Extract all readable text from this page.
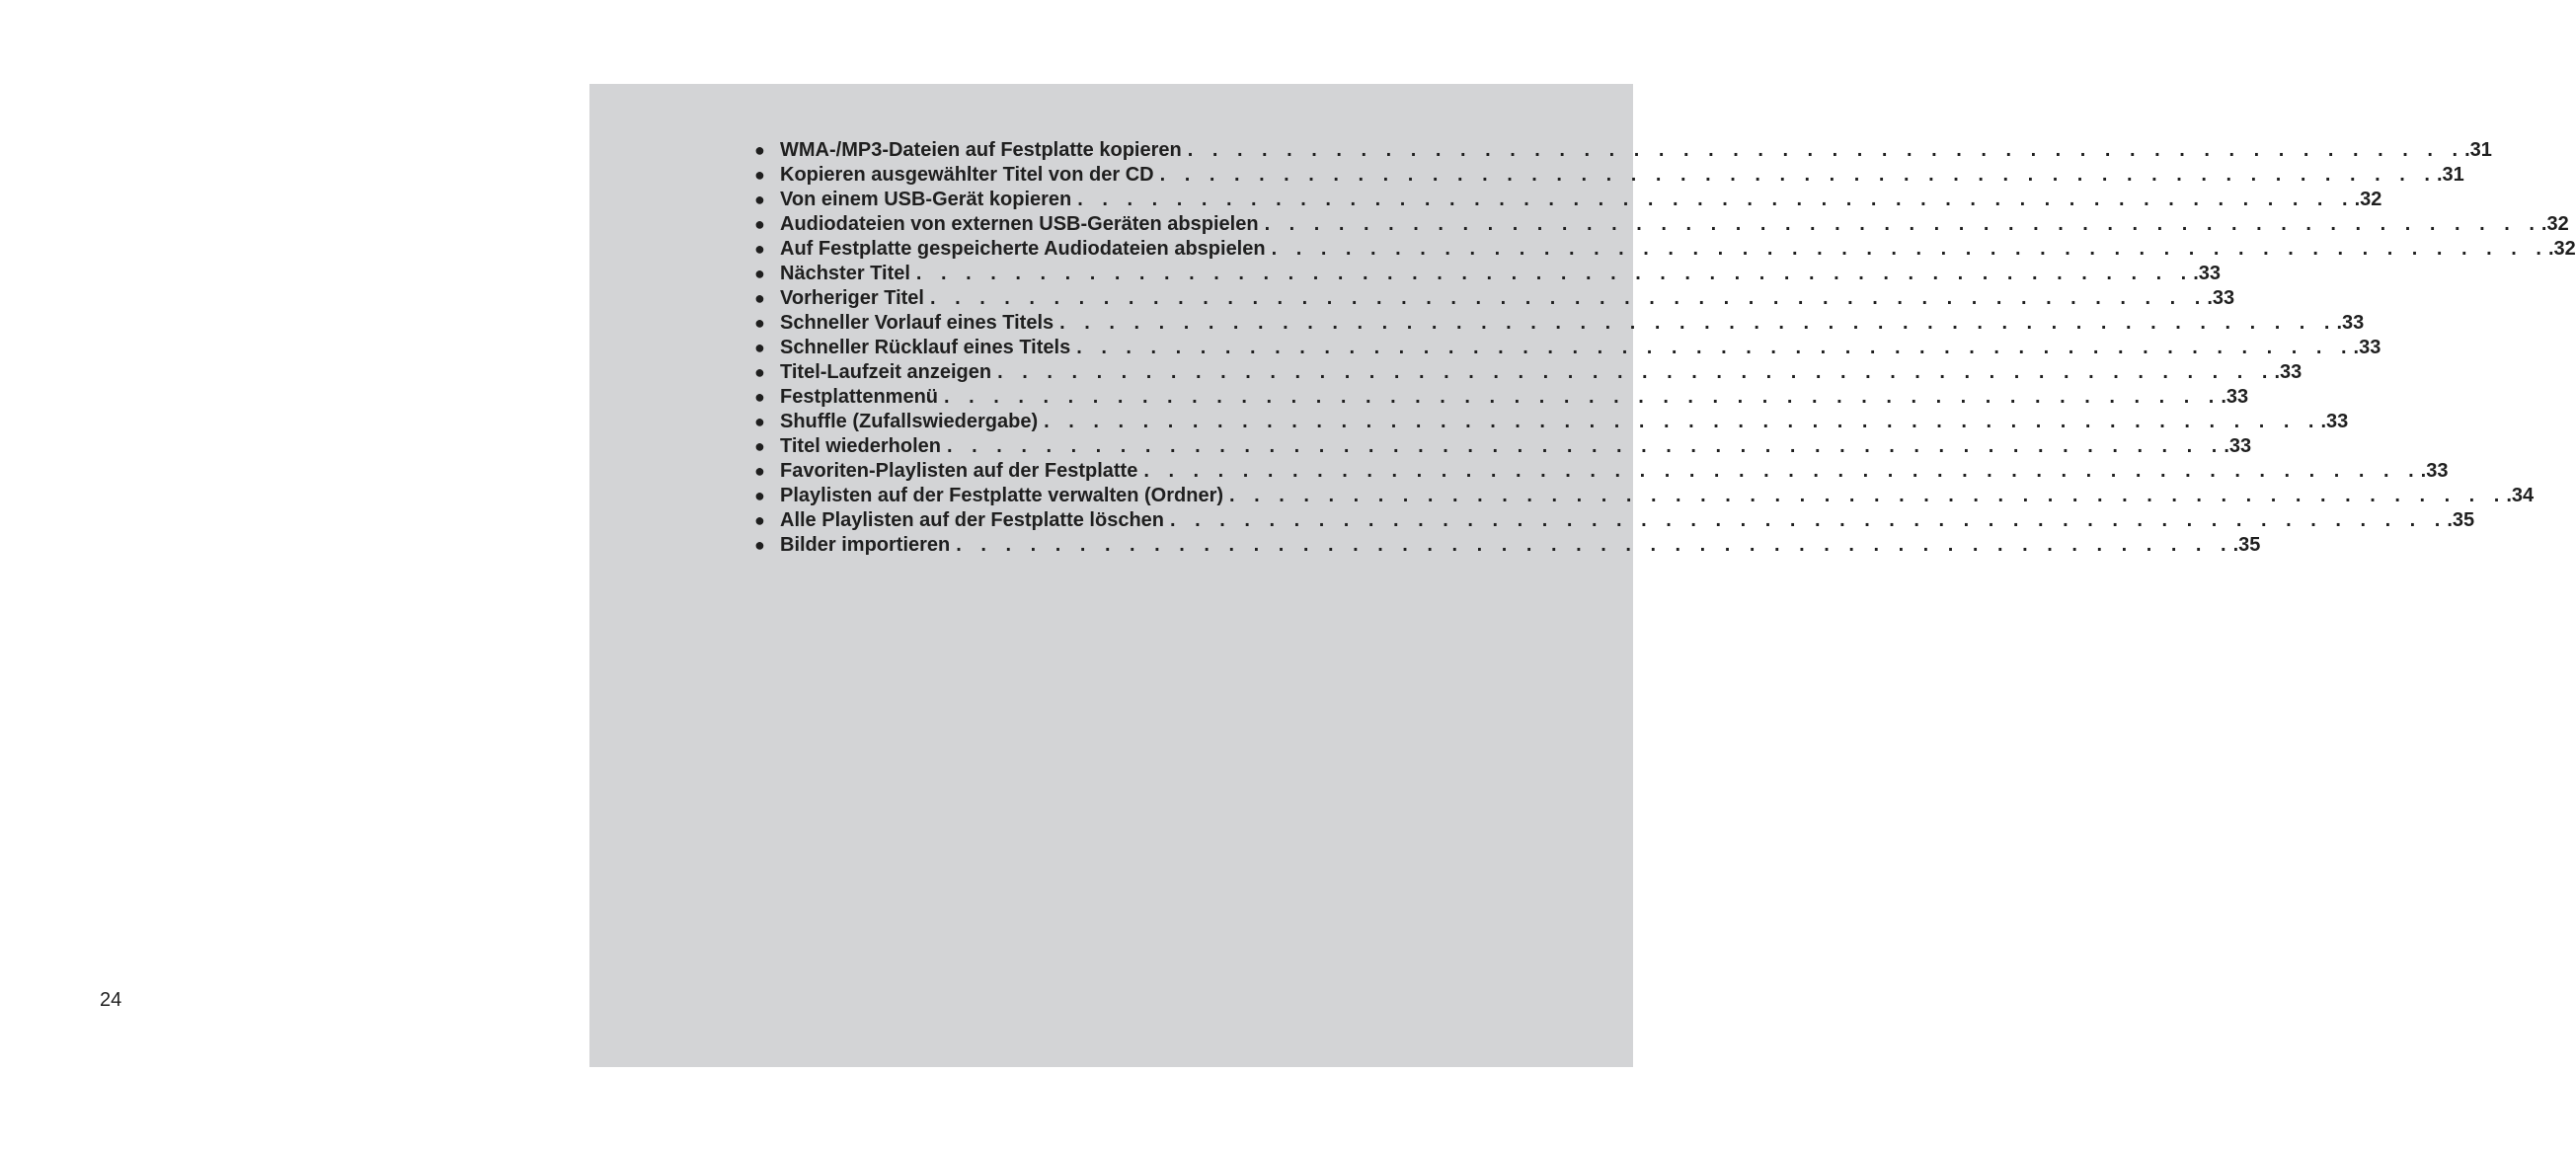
● WMA-/MP3-Dateien auf Festplatte kopieren . . . . . . . . . . . . . . . . . . . . . . . . . . . . . . . . . . . . . . . . . . . . . . . . . . . . .31
● Kopieren ausgewählter Titel von der CD . . . . . . . . . . . . . . . . . . . . . . . . . . . . . . . . . . . . . . . . . . . . . . . . . . . . .31
● Von einem USB-Gerät kopieren . . . . . . . . . . . . . . . . . . . . . . . . . . . . . . . . . . . . . . . . . . . . . . . . . . . . .32
● Audiodateien von externen USB-Geräten abspielen . . . . . . . . . . . . . . . . . . . . . . . . . . . . . . . . . . . . . . . . . . . . . . . . . . . . .32
● Auf Festplatte gespeicherte Audiodateien abspielen . . . . . . . . . . . . . . . . . . . . . . . . . . . . . . . . . . . . . . . . . . . . . . . . . . . . .32
● Nächster Titel . . . . . . . . . . . . . . . . . . . . . . . . . . . . . . . . . . . . . . . . . . . . . . . . . . . . .33
● Vorheriger Titel . . . . . . . . . . . . . . . . . . . . . . . . . . . . . . . . . . . . . . . . . . . . . . . . . . . . .33
● Schneller Vorlauf eines Titels . . . . . . . . . . . . . . . . . . . . . . . . . . . . . . . . . . . . . . . . . . . . . . . . . . . . .33
● Schneller Rücklauf eines Titels . . . . . . . . . . . . . . . . . . . . . . . . . . . . . . . . . . . . . . . . . . . . . . . . . . . . .33
● Titel-Laufzeit anzeigen . . . . . . . . . . . . . . . . . . . . . . . . . . . . . . . . . . . . . . . . . . . . . . . . . . . . .33
● Festplattenmenü . . . . . . . . . . . . . . . . . . . . . . . . . . . . . . . . . . . . . . . . . . . . . . . . . . . . .33
● Shuffle (Zufallswiedergabe) . . . . . . . . . . . . . . . . . . . . . . . . . . . . . . . . . . . . . . . . . . . . . . . . . . . . .33
● Titel wiederholen . . . . . . . . . . . . . . . . . . . . . . . . . . . . . . . . . . . . . . . . . . . . . . . . . . . . .33
● Favoriten-Playlisten auf der Festplatte . . . . . . . . . . . . . . . . . . . . . . . . . . . . . . . . . . . . . . . . . . . . . . . . . . . . .33
● Playlisten auf der Festplatte verwalten (Ordner) . . . . . . . . . . . . . . . . . . . . . . . . . . . . . . . . . . . . . . . . . . . . . . . . . . . . .34
● Alle Playlisten auf der Festplatte löschen . . . . . . . . . . . . . . . . . . . . . . . . . . . . . . . . . . . . . . . . . . . . . . . . . . . . .35
● Bilder importieren . . . . . . . . . . . . . . . . . . . . . . . . . . . . . . . . . . . . . . . . . . . . . . . . . . . . .35
24
